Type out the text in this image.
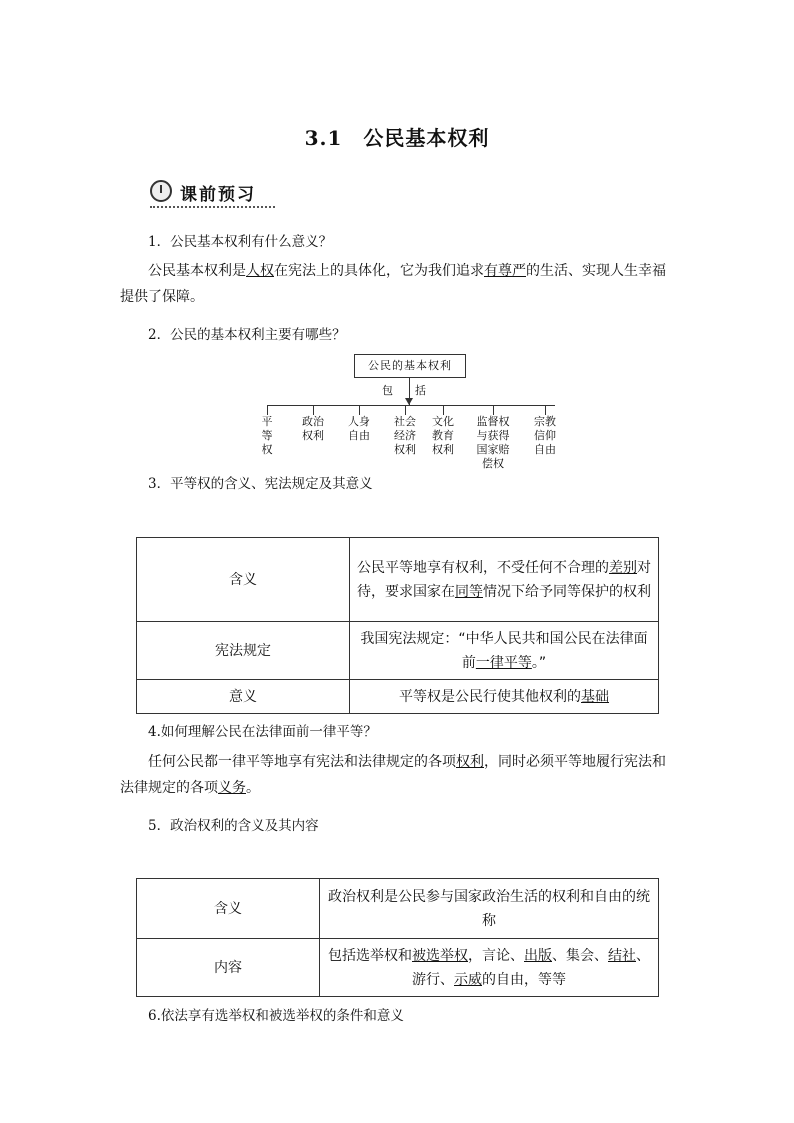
3.1　公民基本权利
课前预习
1．公民基本权利有什么意义？
公民基本权利是人权在宪法上的具体化，它为我们追求有尊严的生活、实现人生幸福提供了保障。
2．公民的基本权利主要有哪些？
公民的基本权利
包 括
平等权
政治权利
人身自由
社会经济权利
文化教育权利
监督权与获得国家赔偿权
宗教信仰自由
3．平等权的含义、宪法规定及其意义
含义	公民平等地享有权利，不受任何不合理的差别对待，要求国家在同等情况下给予同等保护的权利
宪法规定	我国宪法规定：“中华人民共和国公民在法律面前一律平等。”
意义	平等权是公民行使其他权利的基础
4.如何理解公民在法律面前一律平等？
任何公民都一律平等地享有宪法和法律规定的各项权利，同时必须平等地履行宪法和法律规定的各项义务。
5．政治权利的含义及其内容
含义	政治权利是公民参与国家政治生活的权利和自由的统称
内容	包括选举权和被选举权，言论、出版、集会、结社、游行、示威的自由，等等
6.依法享有选举权和被选举权的条件和意义
